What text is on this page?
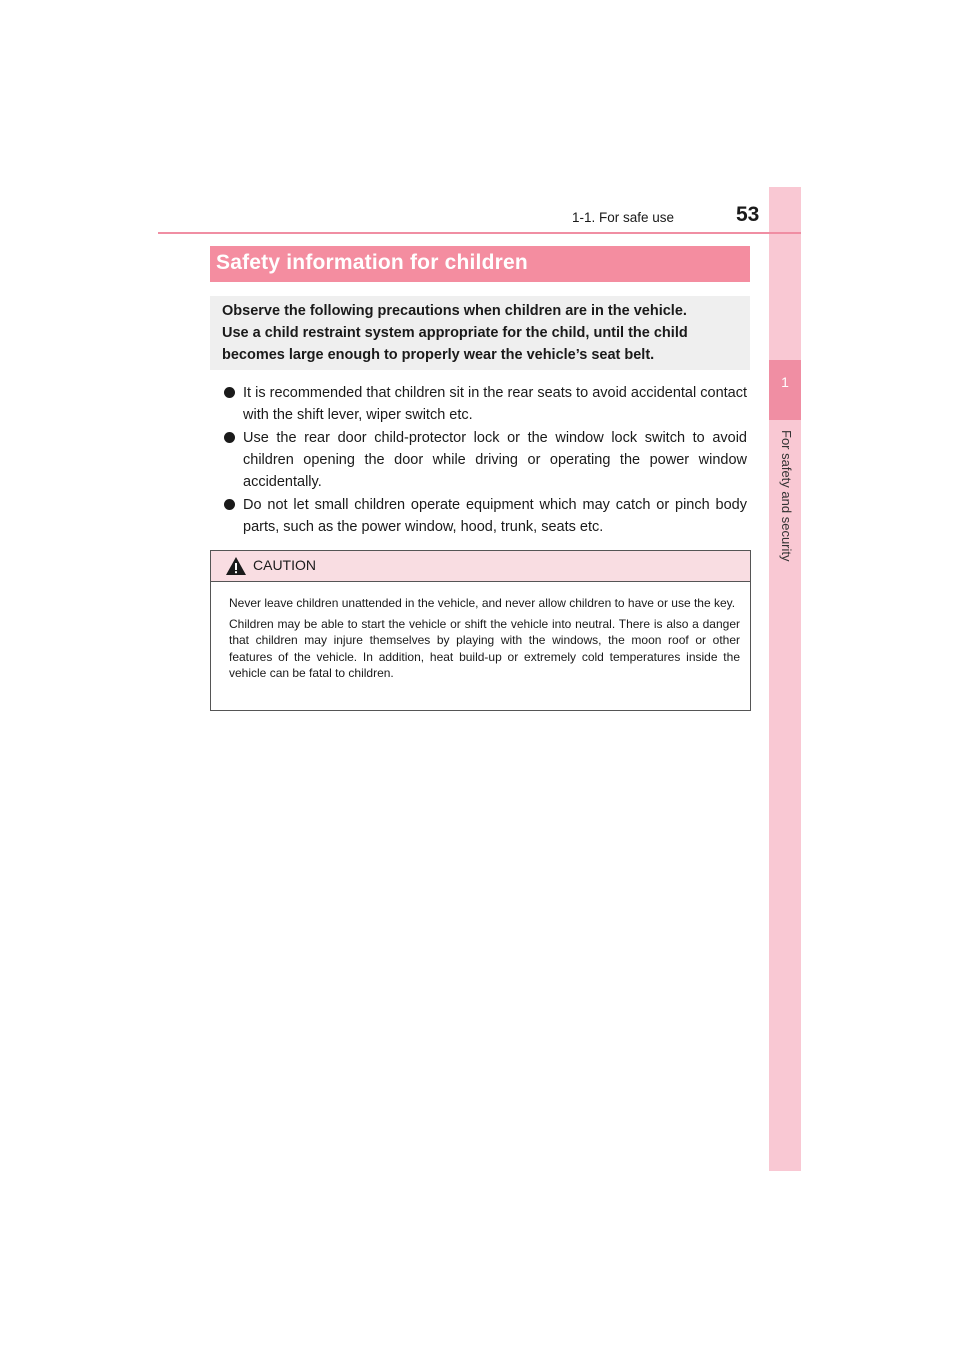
1
For safety and security
1-1. For safe use	53
Safety information for children

Observe the following precautions when children are in the vehicle.

Use a child restraint system appropriate for the child, until the child becomes large enough to properly wear the vehicle’s seat belt.

It is recommended that children sit in the rear seats to avoid accidental contact with the shift lever, wiper switch etc.
Use the rear door child-protector lock or the window lock switch to avoid children opening the door while driving or operating the power window accidentally.
Do not let small children operate equipment which may catch or pinch body parts, such as the power window, hood, trunk, seats etc.
CAUTION

Never leave children unattended in the vehicle, and never allow children to have or use the key.

Children may be able to start the vehicle or shift the vehicle into neutral. There is also a danger that children may injure themselves by playing with the windows, the moon roof or other features of the vehicle. In addition, heat build-up or extremely cold temperatures inside the vehicle can be fatal to children.
